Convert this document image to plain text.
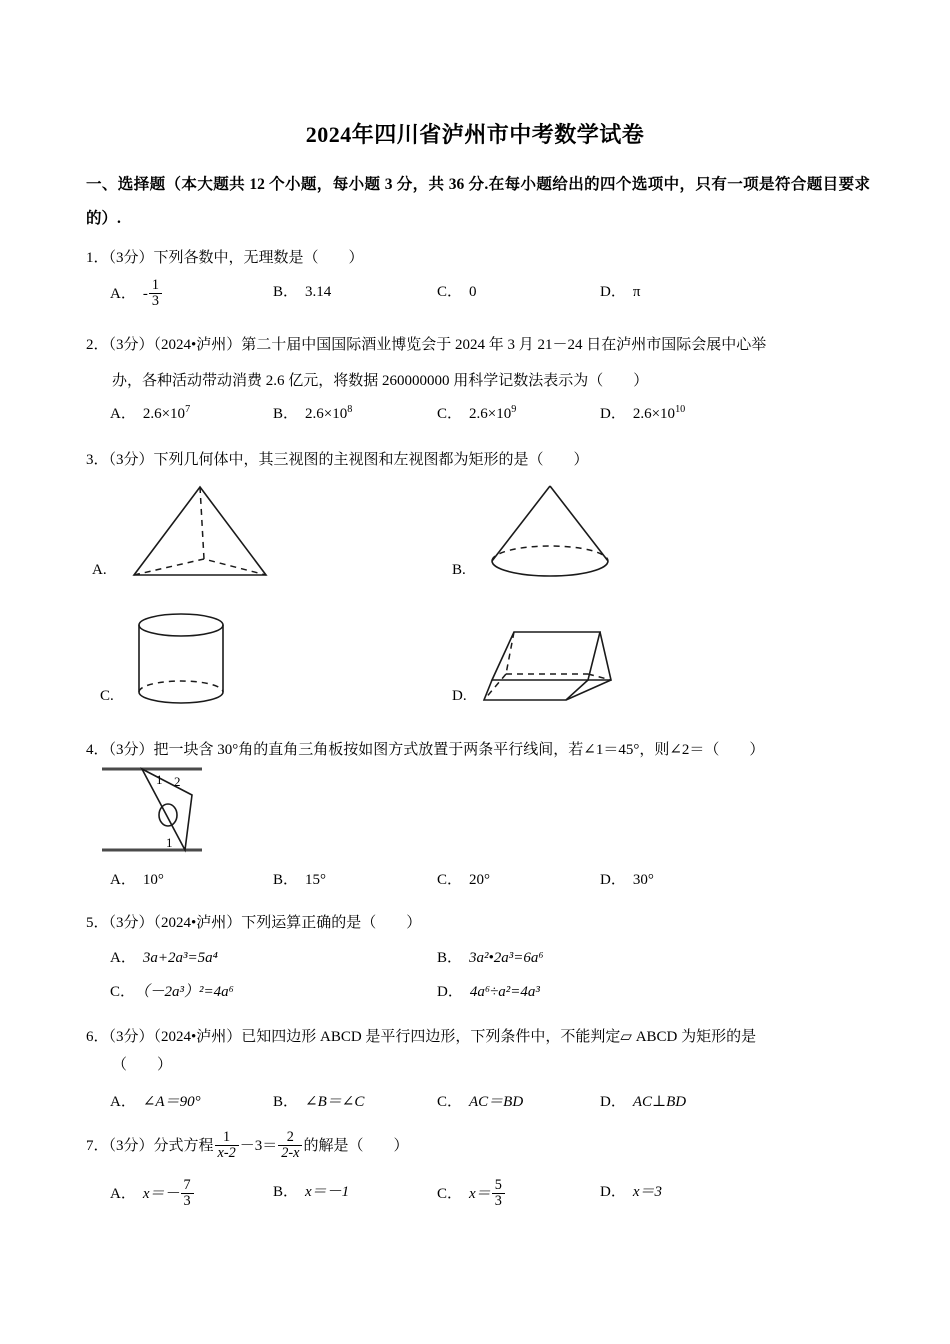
2024年四川省泸州市中考数学试卷
一、选择题（本大题共 12 个小题，每小题 3 分，共 36 分.在每小题给出的四个选项中，只有一项是符合题目要求的）.
1．（3分）下列各数中，无理数是（　　）
A． - $\frac{1}{3}$	B． 3.14	C． 0	D． π
2．（3分）（2024•泸州）第二十届中国国际酒业博览会于 2024 年 3 月 21－24 日在泸州市国际会展中心举
办，各种活动带动消费 2.6 亿元，将数据 260000000 用科学记数法表示为（　　）
A． $2.6\times 10^7$	B． $2.6\times 10^8$	C． $2.6\times 10^9$	D． $2.6\times 10^{10}$
3．（3分）下列几何体中，其三视图的主视图和左视图都为矩形的是（　　）
A.	B.
C.	D.
4．（3分）把一块含 30°角的直角三角板按如图方式放置于两条平行线间，若∠1＝45°，则∠2＝（　　）
1 2
1
A． 10°	B． 15°	C． 20°	D． 30°
5．（3分）（2024•泸州）下列运算正确的是（　　）
A． 3a+2a³=5a⁴	B． 3a²•2a³=6a⁶
C． （－2a³）²=4a⁶	D． 4a⁶÷a²=4a³
6．（3分）（2024•泸州）已知四边形 ABCD 是平行四边形，下列条件中，不能判定▱ ABCD 为矩形的是
（　　）
A． ∠A＝90°	B． ∠B＝∠C	C． AC＝BD	D． AC⊥BD
7．（3分）分式方程 $\frac{1}{x-2} -3= \frac{2}{2-x}$ 的解是（　　）
A． $x=- \frac{7}{3}$	B． x＝－1	C． $x= \frac{5}{3}$	D． x＝3
